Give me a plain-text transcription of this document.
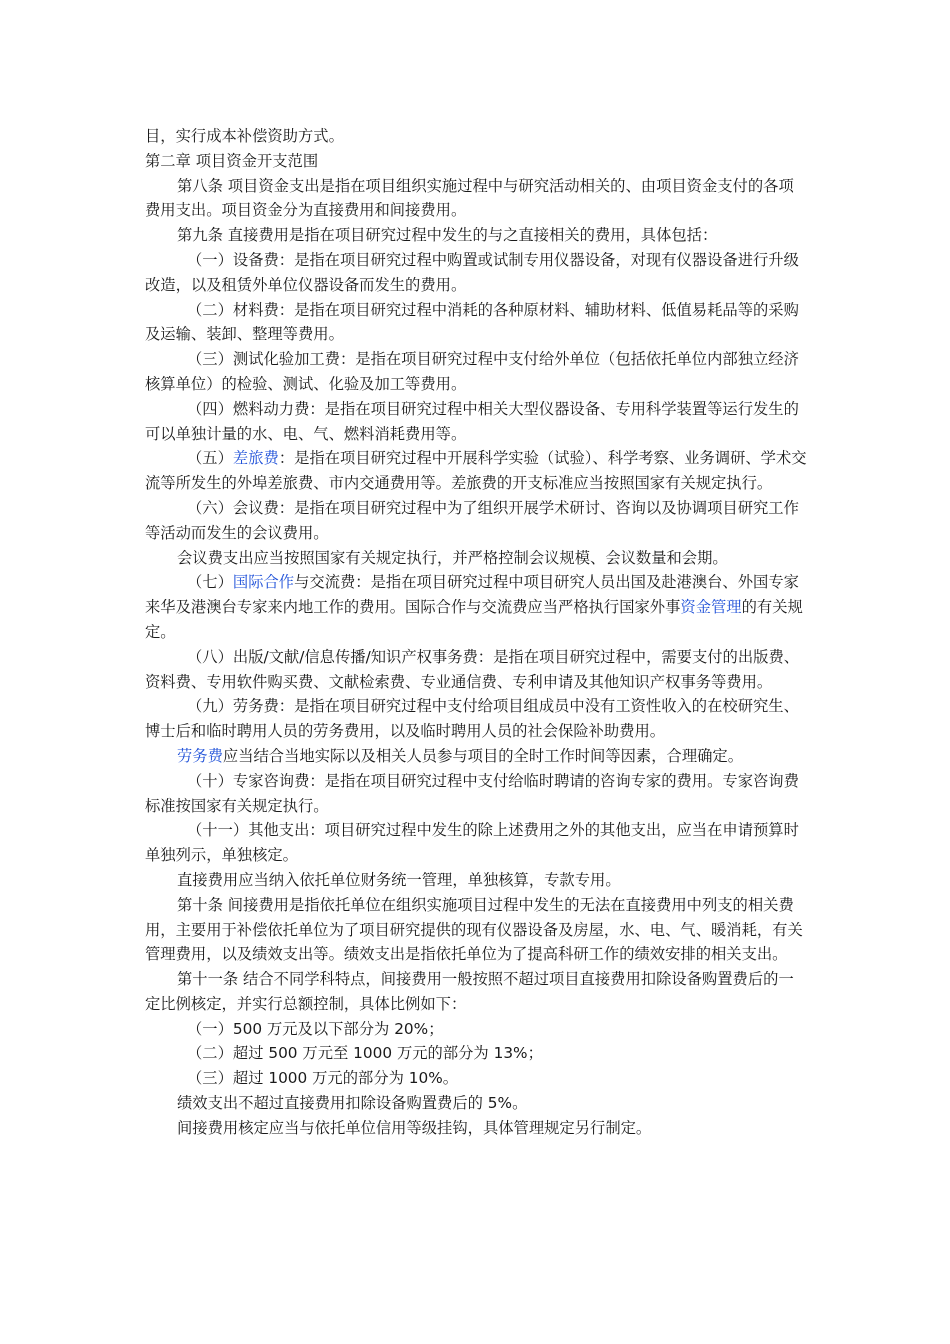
目，实行成本补偿资助方式。

第二章 项目资金开支范围

第八条 项目资金支出是指在项目组织实施过程中与研究活动相关的、由项目资金支付的各项费用支出。项目资金分为直接费用和间接费用。

第九条 直接费用是指在项目研究过程中发生的与之直接相关的费用，具体包括：

（一）设备费：是指在项目研究过程中购置或试制专用仪器设备，对现有仪器设备进行升级改造，以及租赁外单位仪器设备而发生的费用。

（二）材料费：是指在项目研究过程中消耗的各种原材料、辅助材料、低值易耗品等的采购及运输、装卸、整理等费用。

（三）测试化验加工费：是指在项目研究过程中支付给外单位（包括依托单位内部独立经济核算单位）的检验、测试、化验及加工等费用。

（四）燃料动力费：是指在项目研究过程中相关大型仪器设备、专用科学装置等运行发生的可以单独计量的水、电、气、燃料消耗费用等。

（五）差旅费：是指在项目研究过程中开展科学实验（试验）、科学考察、业务调研、学术交流等所发生的外埠差旅费、市内交通费用等。差旅费的开支标准应当按照国家有关规定执行。

（六）会议费：是指在项目研究过程中为了组织开展学术研讨、咨询以及协调项目研究工作等活动而发生的会议费用。

会议费支出应当按照国家有关规定执行，并严格控制会议规模、会议数量和会期。

（七）国际合作与交流费：是指在项目研究过程中项目研究人员出国及赴港澳台、外国专家来华及港澳台专家来内地工作的费用。国际合作与交流费应当严格执行国家外事资金管理的有关规定。

（八）出版/文献/信息传播/知识产权事务费：是指在项目研究过程中，需要支付的出版费、资料费、专用软件购买费、文献检索费、专业通信费、专利申请及其他知识产权事务等费用。

（九）劳务费：是指在项目研究过程中支付给项目组成员中没有工资性收入的在校研究生、博士后和临时聘用人员的劳务费用，以及临时聘用人员的社会保险补助费用。

劳务费应当结合当地实际以及相关人员参与项目的全时工作时间等因素，合理确定。

（十）专家咨询费：是指在项目研究过程中支付给临时聘请的咨询专家的费用。专家咨询费标准按国家有关规定执行。

（十一）其他支出：项目研究过程中发生的除上述费用之外的其他支出，应当在申请预算时单独列示，单独核定。

直接费用应当纳入依托单位财务统一管理，单独核算，专款专用。

第十条 间接费用是指依托单位在组织实施项目过程中发生的无法在直接费用中列支的相关费用，主要用于补偿依托单位为了项目研究提供的现有仪器设备及房屋，水、电、气、暖消耗，有关管理费用，以及绩效支出等。绩效支出是指依托单位为了提高科研工作的绩效安排的相关支出。

第十一条 结合不同学科特点，间接费用一般按照不超过项目直接费用扣除设备购置费后的一定比例核定，并实行总额控制，具体比例如下：

（一）500 万元及以下部分为 20%；

（二）超过 500 万元至 1000 万元的部分为 13%；

（三）超过 1000 万元的部分为 10%。

绩效支出不超过直接费用扣除设备购置费后的 5%。

间接费用核定应当与依托单位信用等级挂钩，具体管理规定另行制定。
